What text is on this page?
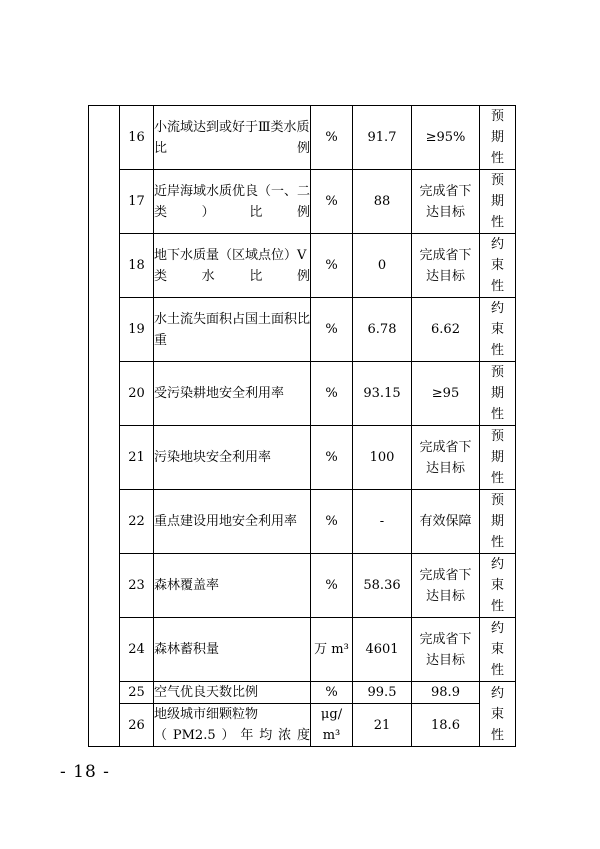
	16	小流域达到或好于Ⅲ类水质比例	%	91.7	≥95%	预期性
	17	近岸海域水质优良（一、二类）比例	%	88	完成省下达目标	预期性
	18	地下水质量（区域点位）Ⅴ类水比例	%	0	完成省下达目标	约束性
	19	水土流失面积占国土面积比重	%	6.78	6.62	约束性
	20	受污染耕地安全利用率	%	93.15	≥95	预期性
	21	污染地块安全利用率	%	100	完成省下达目标	预期性
	22	重点建设用地安全利用率	%	-	有效保障	预期性
	23	森林覆盖率	%	58.36	完成省下达目标	约束性
	24	森林蓄积量	万 m³	4601	完成省下达目标	约束性
	25	空气优良天数比例	%	99.5	98.9	约束性
	26	地级城市细颗粒物（PM2.5）年均浓度	μg/m³	21	18.6	
- 18 -
